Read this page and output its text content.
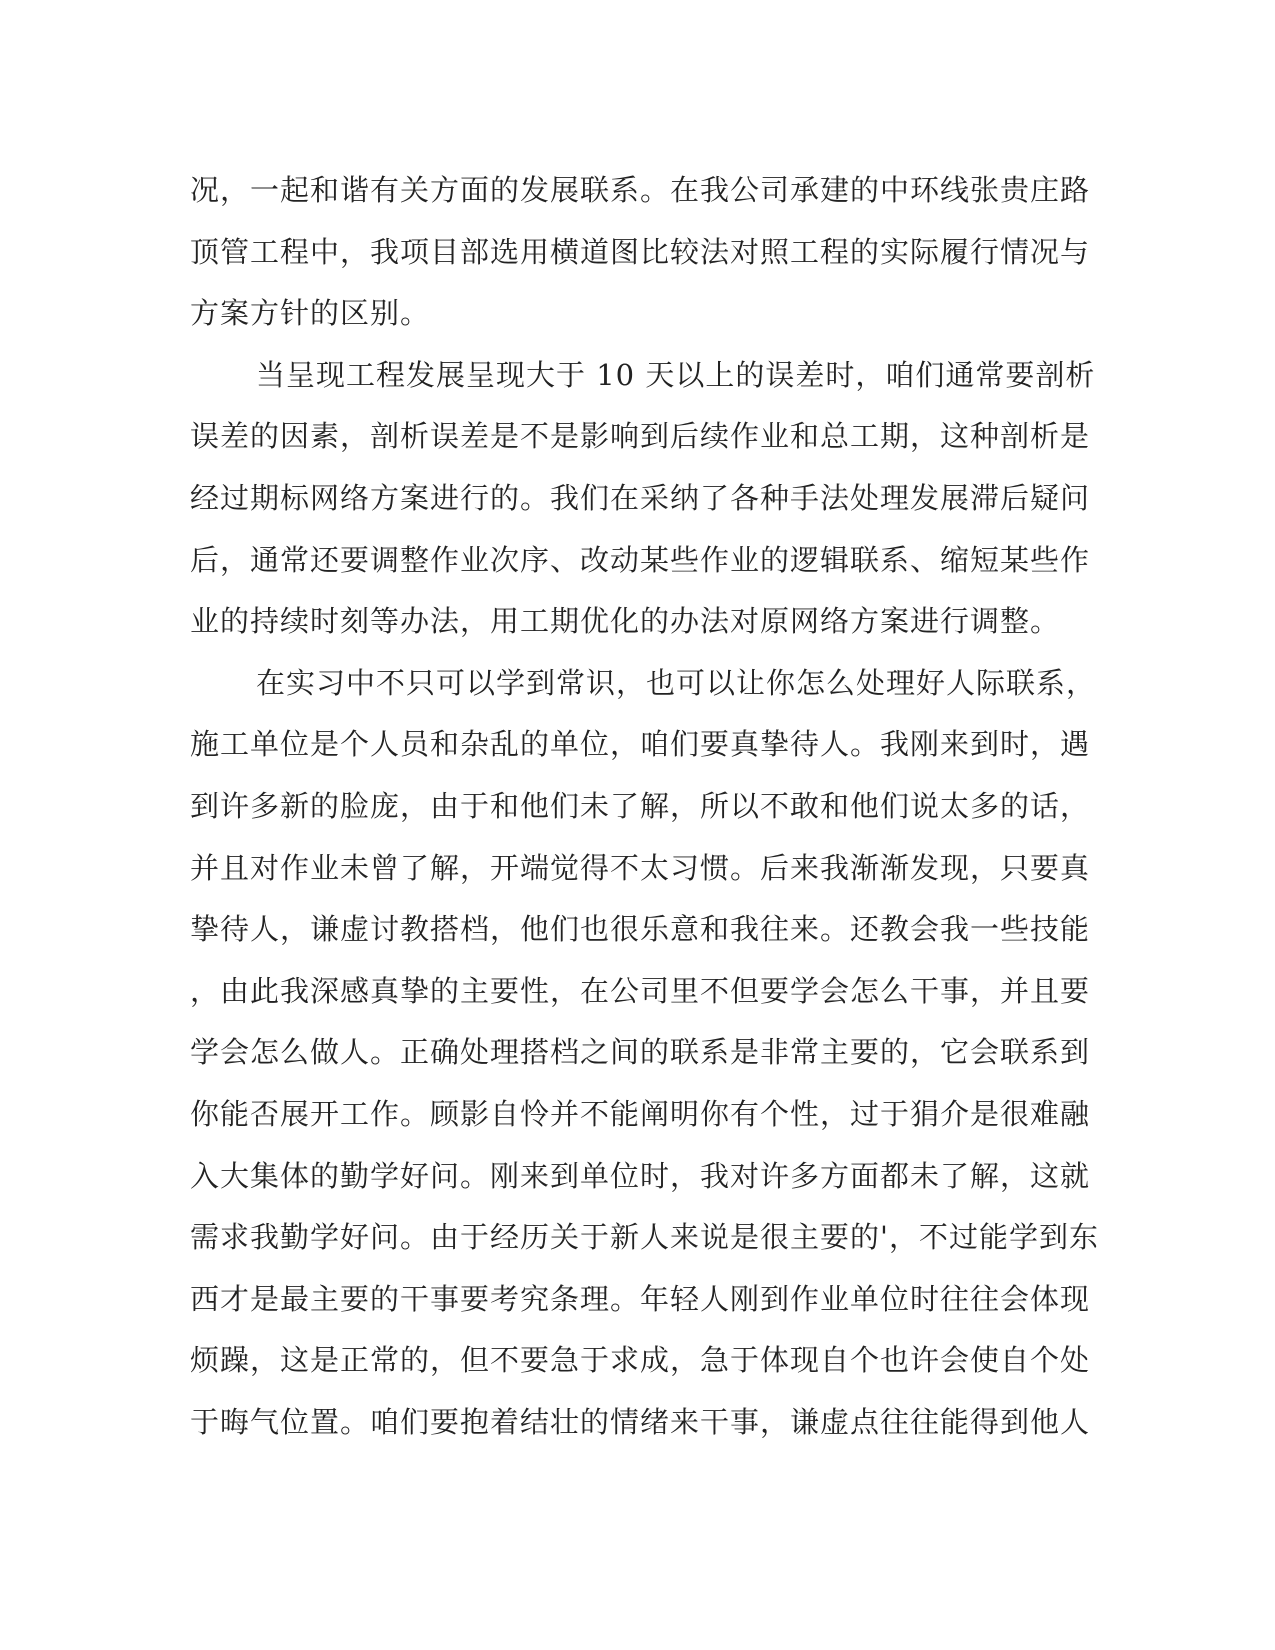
况，一起和谐有关方面的发展联系。在我公司承建的中环线张贵庄路
顶管工程中，我项目部选用横道图比较法对照工程的实际履行情况与
方案方针的区别。
当呈现工程发展呈现大于 10 天以上的误差时，咱们通常要剖析
误差的因素，剖析误差是不是影响到后续作业和总工期，这种剖析是
经过期标网络方案进行的。我们在采纳了各种手法处理发展滞后疑问
后，通常还要调整作业次序、改动某些作业的逻辑联系、缩短某些作
业的持续时刻等办法，用工期优化的办法对原网络方案进行调整。
在实习中不只可以学到常识，也可以让你怎么处理好人际联系，
施工单位是个人员和杂乱的单位，咱们要真挚待人。我刚来到时，遇
到许多新的脸庞，由于和他们未了解，所以不敢和他们说太多的话，
并且对作业未曾了解，开端觉得不太习惯。后来我渐渐发现，只要真
挚待人，谦虚讨教搭档，他们也很乐意和我往来。还教会我一些技能
，由此我深感真挚的主要性，在公司里不但要学会怎么干事，并且要
学会怎么做人。正确处理搭档之间的联系是非常主要的，它会联系到
你能否展开工作。顾影自怜并不能阐明你有个性，过于狷介是很难融
入大集体的勤学好问。刚来到单位时，我对许多方面都未了解，这就
需求我勤学好问。由于经历关于新人来说是很主要的'，不过能学到东
西才是最主要的干事要考究条理。年轻人刚到作业单位时往往会体现
烦躁，这是正常的，但不要急于求成，急于体现自个也许会使自个处
于晦气位置。咱们要抱着结壮的情绪来干事，谦虚点往往能得到他人
